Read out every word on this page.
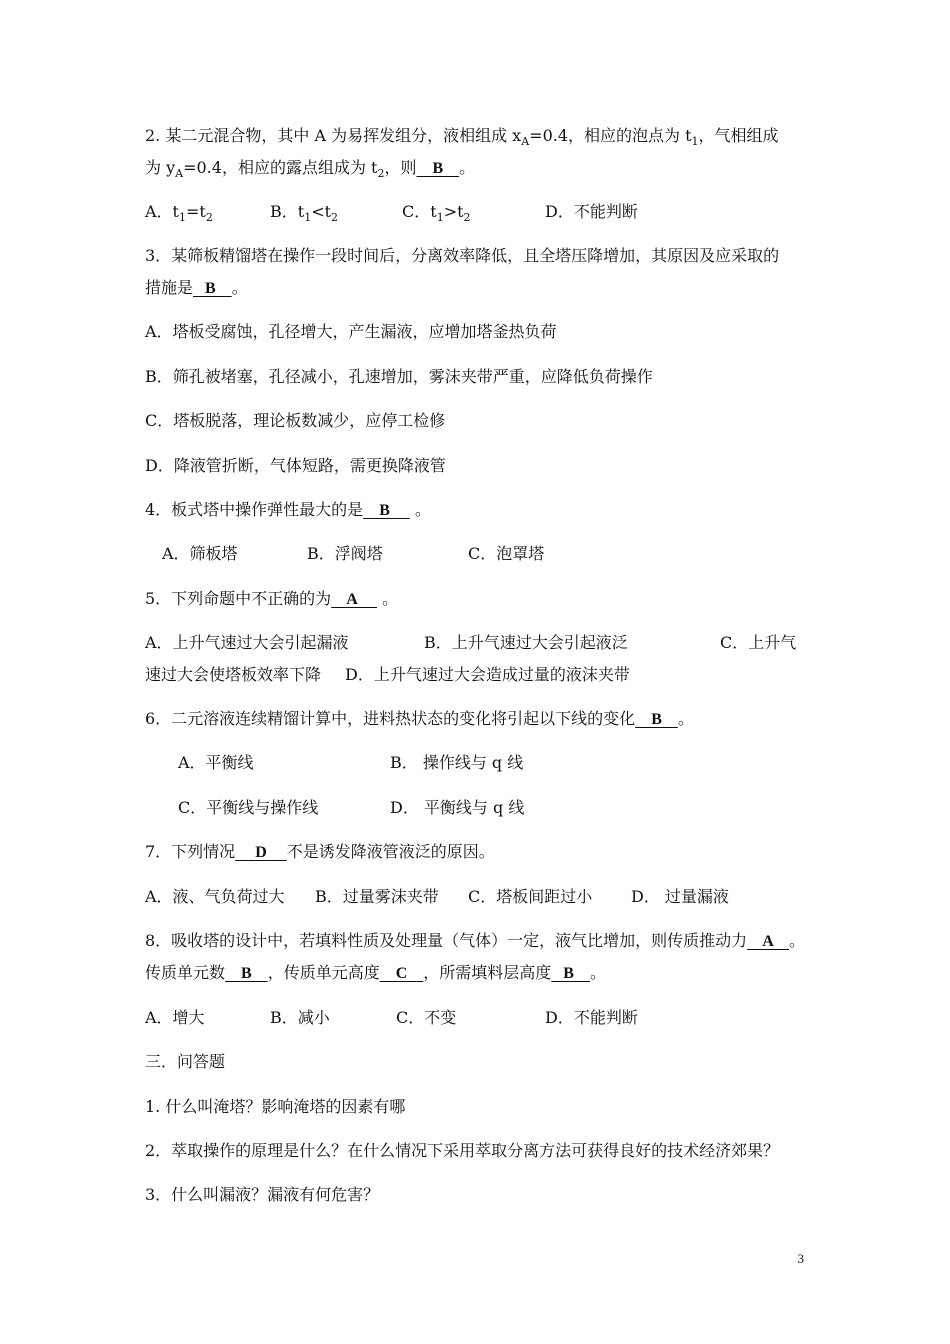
2. 某二元混合物，其中 A 为易挥发组分，液相组成 $x_A=0.4$，相应的泡点为 $t_1$，气相组成
为 $y_A=0.4$，相应的露点组成为 $t_2$，则    B    。
A．$t_1=t_2$	B．$t_1<t_2$	C．$t_1>t_2$	D．不能判断
3．某筛板精馏塔在操作一段时间后，分离效率降低，且全塔压降增加，其原因及应采取的
措施是   B    。
A．塔板受腐蚀，孔径增大，产生漏液，应增加塔釜热负荷
B．筛孔被堵塞，孔径减小，孔速增加，雾沫夹带严重，应降低负荷操作
C．塔板脱落，理论板数减少，应停工检修
D．降液管折断，气体短路，需更换降液管
4．板式塔中操作弹性最大的是    B      。
A．筛板塔	B．浮阀塔	C．泡罩塔
5．下列命题中不正确的为    A      。
A．上升气速过大会引起漏液	B．上升气速过大会引起液泛	C．上升气
速过大会使塔板效率下降 D．上升气速过大会造成过量的液沫夹带
6．二元溶液连续精馏计算中，进料热状态的变化将引起以下线的变化    B    。
A．平衡线	B． 操作线与 q 线
C．平衡线与操作线	D． 平衡线与 q 线
7．下列情况     D     不是诱发降液管液泛的原因。
A．液、气负荷过大 B．过量雾沫夹带 C．塔板间距过小 D． 过量漏液
8．吸收塔的设计中，若填料性质及处理量（气体）一定，液气比增加，则传质推动力    A    。
传质单元数    B    ，传质单元高度    C    ，所需填料层高度   B    。
A．增大	B．减小	C．不变	D．不能判断
三．问答题
1. 什么叫淹塔？影响淹塔的因素有哪
2．萃取操作的原理是什么？在什么情况下采用萃取分离方法可获得良好的技术经济郊果？
3．什么叫漏液？漏液有何危害？
3
